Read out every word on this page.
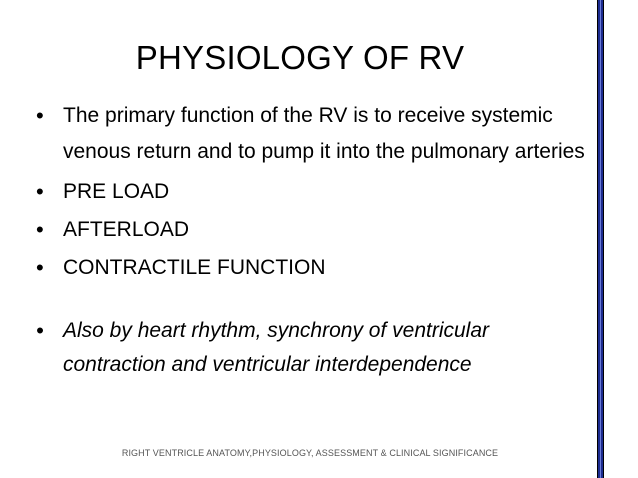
PHYSIOLOGY OF RV
• The primary function of the RV is to receive systemic venous return and to pump it into the pulmonary arteries
• PRE LOAD
• AFTERLOAD
• CONTRACTILE FUNCTION
• Also by heart rhythm, synchrony of ventricular contraction and ventricular interdependence
RIGHT VENTRICLE ANATOMY,PHYSIOLOGY, ASSESSMENT & CLINICAL SIGNIFICANCE
